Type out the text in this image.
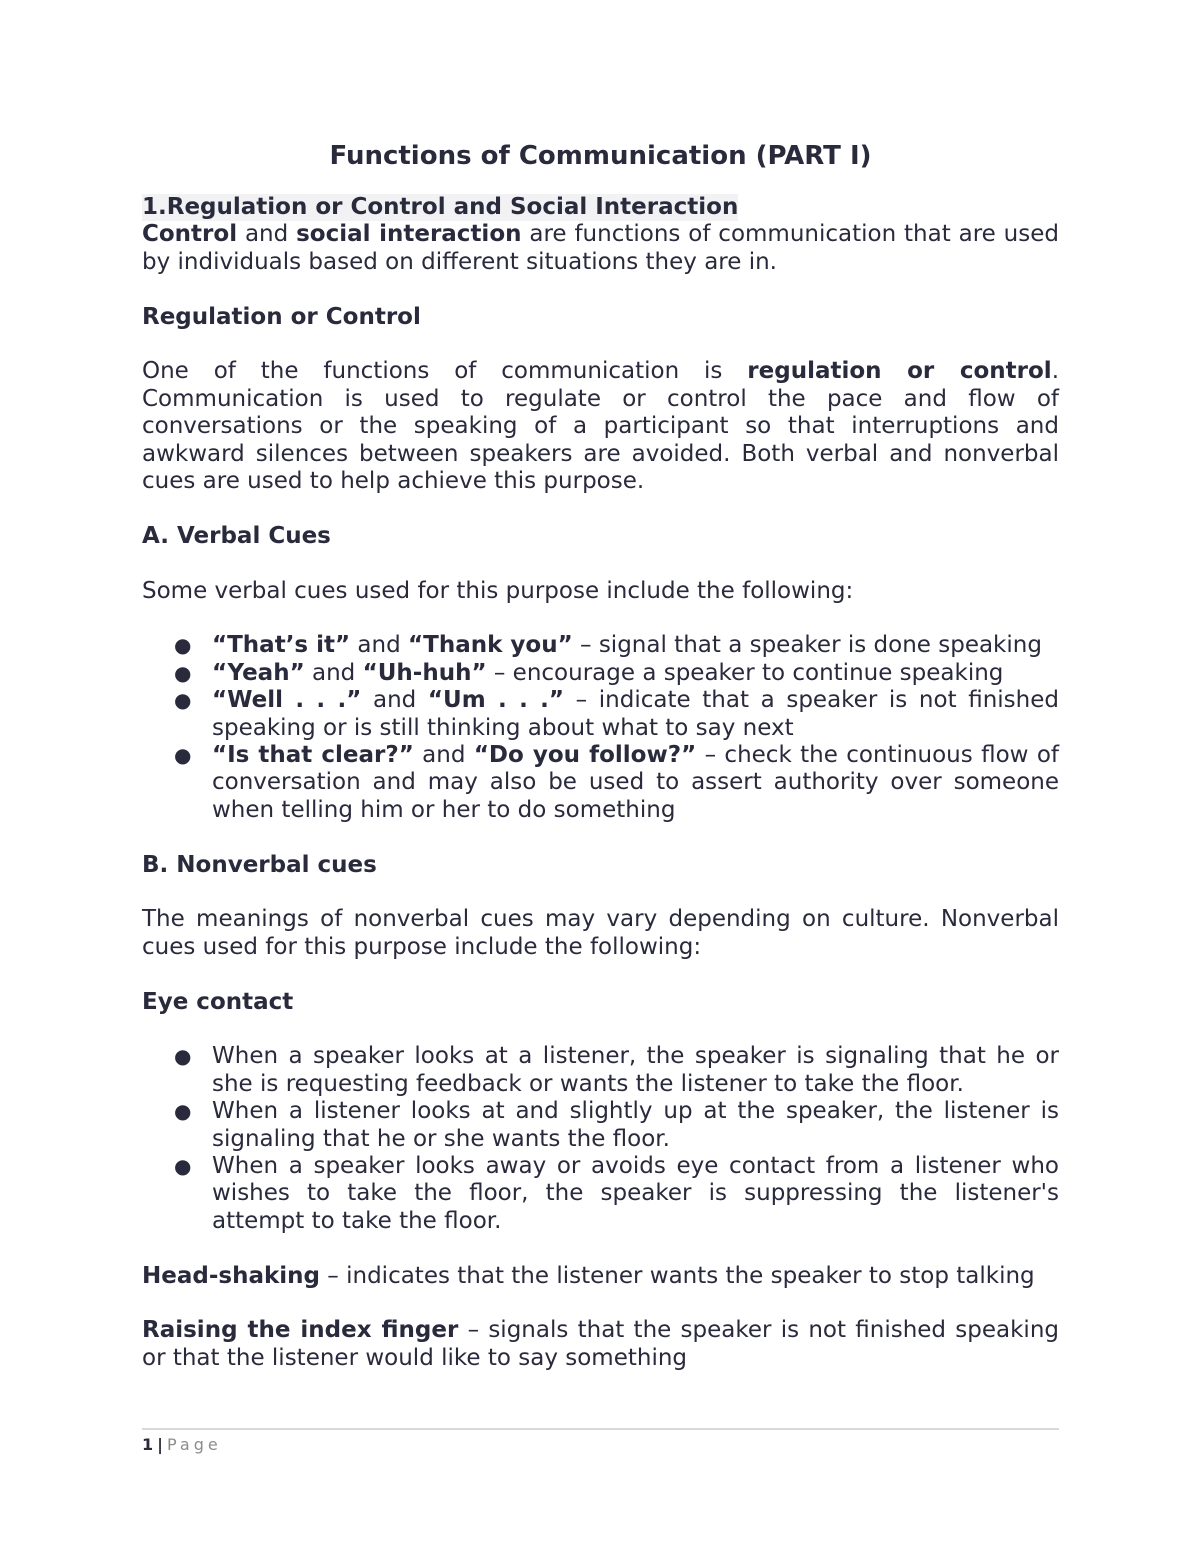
Functions of Communication (PART I)
1.Regulation or Control and Social Interaction

Control and social interaction are functions of communication that are used by individuals based on different situations they are in.

Regulation or Control

One of the functions of communication is regulation or control. Communication is used to regulate or control the pace and flow of conversations or the speaking of a participant so that interruptions and awkward silences between speakers are avoided. Both verbal and nonverbal cues are used to help achieve this purpose.

A. Verbal Cues

Some verbal cues used for this purpose include the following:

● “That’s it” and “Thank you” – signal that a speaker is done speaking
● “Yeah” and “Uh-huh” – encourage a speaker to continue speaking
● “Well . . .” and “Um . . .” – indicate that a speaker is not finished speaking or is still thinking about what to say next
● “Is that clear?” and “Do you follow?” – check the continuous flow of conversation and may also be used to assert authority over someone when telling him or her to do something
B. Nonverbal cues

The meanings of nonverbal cues may vary depending on culture. Nonverbal cues used for this purpose include the following:

Eye contact
● When a speaker looks at a listener, the speaker is signaling that he or she is requesting feedback or wants the listener to take the floor.
● When a listener looks at and slightly up at the speaker, the listener is signaling that he or she wants the floor.
● When a speaker looks away or avoids eye contact from a listener who wishes to take the floor, the speaker is suppressing the listener's attempt to take the floor.

Head-shaking – indicates that the listener wants the speaker to stop talking

Raising the index finger – signals that the speaker is not finished speaking or that the listener would like to say something

1 | Page
